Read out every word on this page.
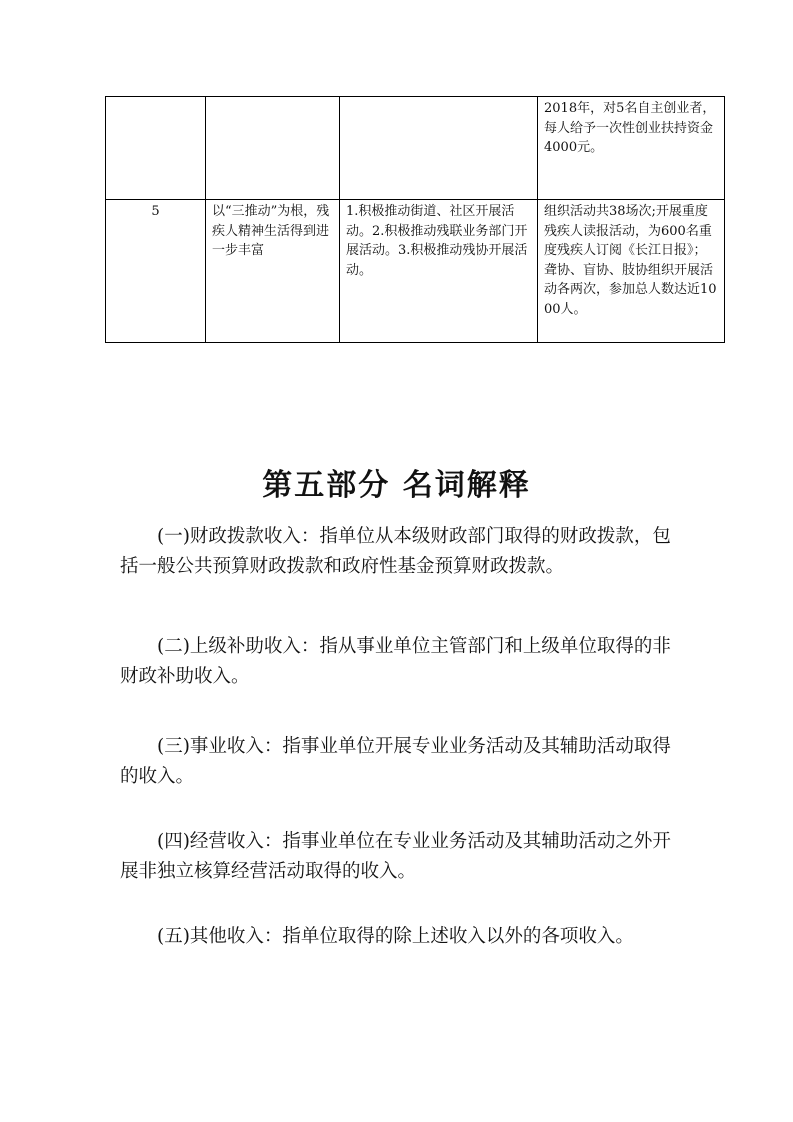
			2018年，对5名自主创业者，每人给予一次性创业扶持资金4000元。
5	以“三推动”为根，残疾人精神生活得到进一步丰富	1.积极推动街道、社区开展活动。2.积极推动残联业务部门开展活动。3.积极推动残协开展活动。	组织活动共38场次;开展重度残疾人读报活动，为600名重度残疾人订阅《长江日报》；聋协、盲协、肢协组织开展活动各两次，参加总人数达近1000人。
第五部分 名词解释

(一)财政拨款收入：指单位从本级财政部门取得的财政拨款，包括一般公共预算财政拨款和政府性基金预算财政拨款。

(二)上级补助收入：指从事业单位主管部门和上级单位取得的非财政补助收入。

(三)事业收入：指事业单位开展专业业务活动及其辅助活动取得的收入。

(四)经营收入：指事业单位在专业业务活动及其辅助活动之外开展非独立核算经营活动取得的收入。

(五)其他收入：指单位取得的除上述收入以外的各项收入。
